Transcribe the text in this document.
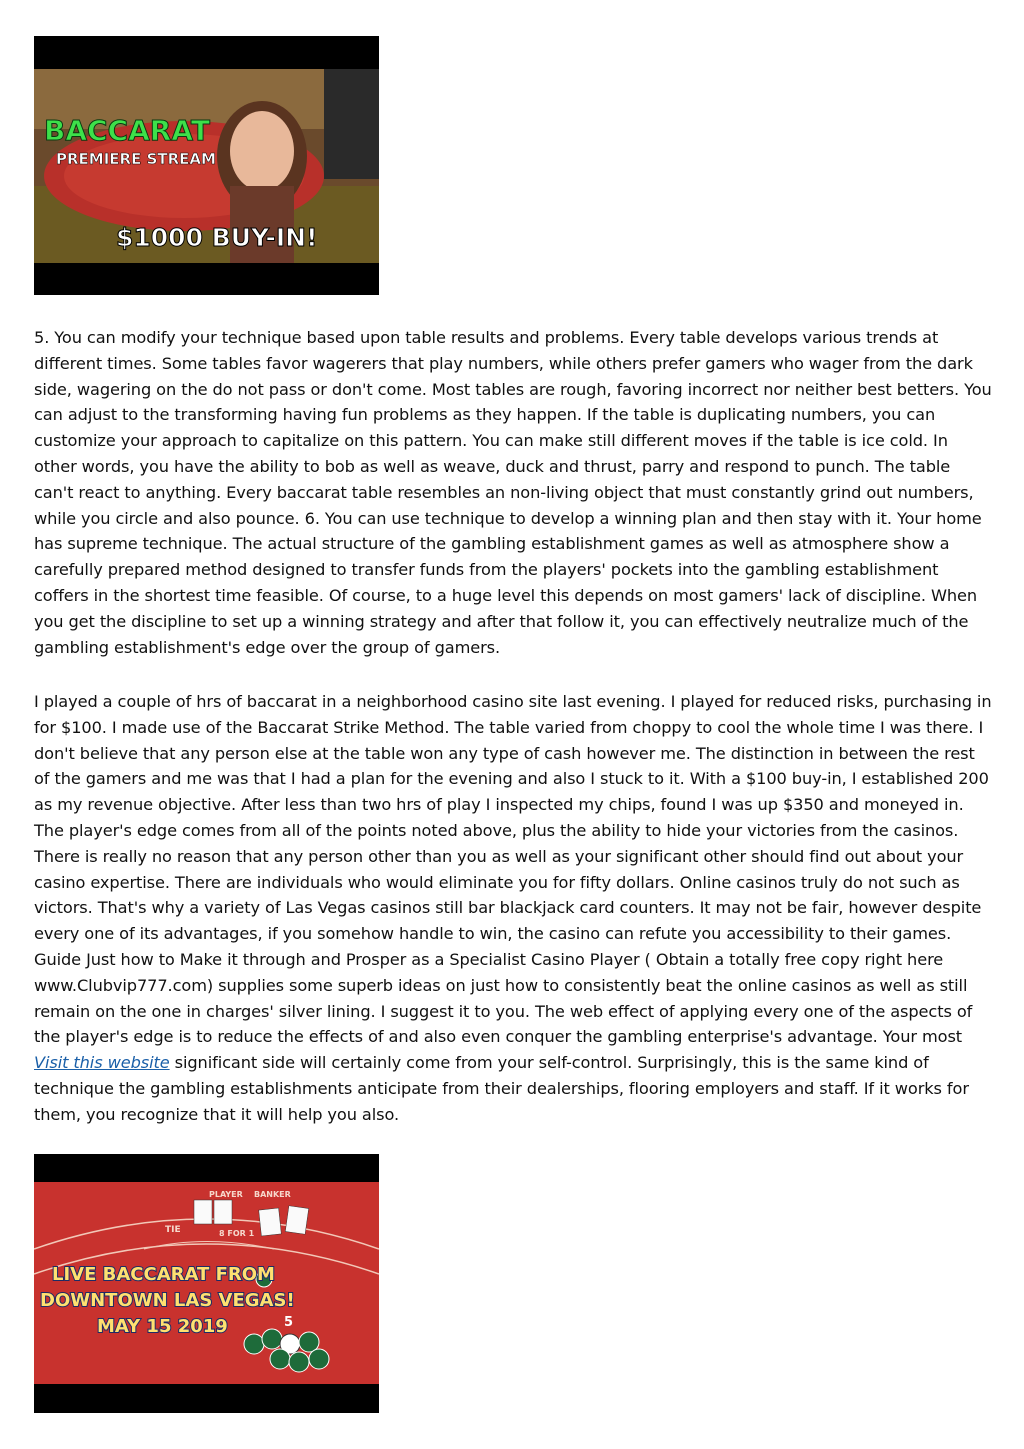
BACCARAT
PREMIERE STREAM
$1000 BUY-IN!

5. You can modify your technique based upon table results and problems. Every table develops various trends at different times. Some tables favor wagerers that play numbers, while others prefer gamers who wager from the dark side, wagering on the do not pass or don't come. Most tables are rough, favoring incorrect nor neither best betters. You can adjust to the transforming having fun problems as they happen. If the table is duplicating numbers, you can customize your approach to capitalize on this pattern. You can make still different moves if the table is ice cold. In other words, you have the ability to bob as well as weave, duck and thrust, parry and respond to punch. The table can't react to anything. Every baccarat table resembles an non-living object that must constantly grind out numbers, while you circle and also pounce. 6. You can use technique to develop a winning plan and then stay with it. Your home has supreme technique. The actual structure of the gambling establishment games as well as atmosphere show a carefully prepared method designed to transfer funds from the players' pockets into the gambling establishment coffers in the shortest time feasible. Of course, to a huge level this depends on most gamers' lack of discipline. When you get the discipline to set up a winning strategy and after that follow it, you can effectively neutralize much of the gambling establishment's edge over the group of gamers.

I played a couple of hrs of baccarat in a neighborhood casino site last evening. I played for reduced risks, purchasing in for $100. I made use of the Baccarat Strike Method. The table varied from choppy to cool the whole time I was there. I don't believe that any person else at the table won any type of cash however me. The distinction in between the rest of the gamers and me was that I had a plan for the evening and also I stuck to it. With a $100 buy-in, I established 200 as my revenue objective. After less than two hrs of play I inspected my chips, found I was up $350 and moneyed in. The player's edge comes from all of the points noted above, plus the ability to hide your victories from the casinos. There is really no reason that any person other than you as well as your significant other should find out about your casino expertise. There are individuals who would eliminate you for fifty dollars. Online casinos truly do not such as victors. That's why a variety of Las Vegas casinos still bar blackjack card counters. It may not be fair, however despite every one of its advantages, if you somehow handle to win, the casino can refute you accessibility to their games. Guide Just how to Make it through and Prosper as a Specialist Casino Player ( Obtain a totally free copy right here www.Clubvip777.com) supplies some superb ideas on just how to consistently beat the online casinos as well as still remain on the one in charges' silver lining. I suggest it to you. The web effect of applying every one of the aspects of the player's edge is to reduce the effects of and also even conquer the gambling enterprise's advantage. Your most Visit this website significant side will certainly come from your self-control. Surprisingly, this is the same kind of technique the gambling establishments anticipate from their dealerships, flooring employers and staff. If it works for them, you recognize that it will help you also.

TIE	8 FOR 1
BANKER
PLAYER
5
LIVE BACCARAT FROM
DOWNTOWN LAS VEGAS!
MAY 15 2019
